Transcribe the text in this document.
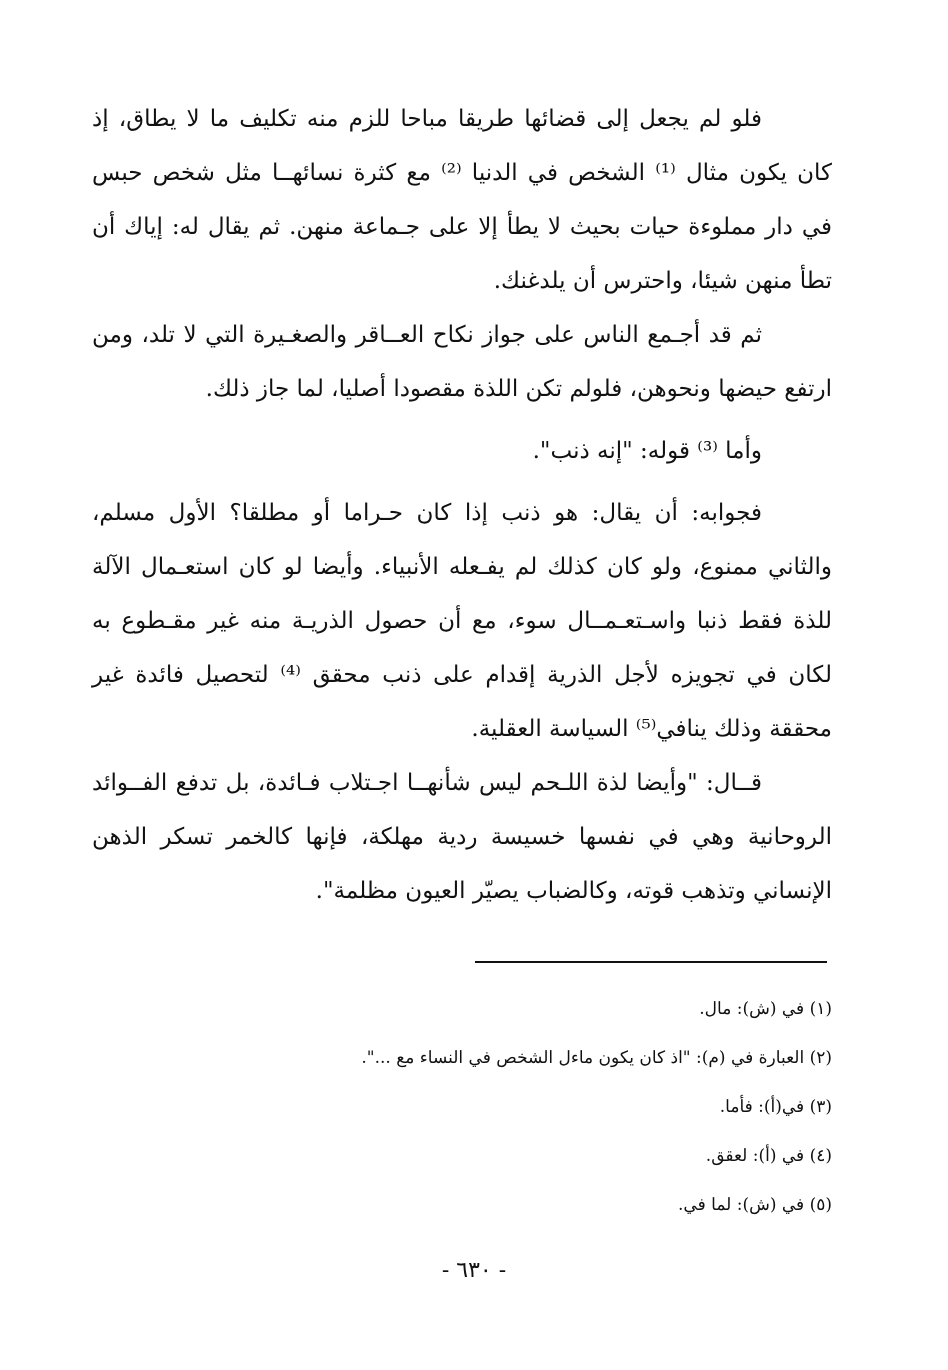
فلو لم يجعل إلى قضائها طريقا مباحا للزم منه تكليف ما لا يطاق، إذ كان يكون مثال ⁽¹⁾ الشخص في الدنيا ⁽²⁾ مع كثرة نسائهــا مثل شخص حبس في دار مملوءة حيات بحيث لا يطأ إلا على جـماعة منهن. ثم يقال له: إياك أن تطأ منهن شيئا، واحترس أن يلدغنك.

ثم قد أجـمع الناس على جواز نكاح العــاقر والصغـيرة التي لا تلد، ومن ارتفع حيضها ونحوهن، فلولم تكن اللذة مقصودا أصليا، لما جاز ذلك.

وأما ⁽³⁾ قوله: "إنه ذنب".

فجوابه: أن يقال: هو ذنب إذا كان حـراما أو مطلقا؟ الأول مسلم، والثاني ممنوع، ولو كان كذلك لم يفـعله الأنبياء. وأيضا لو كان استعـمال الآلة للذة فقط ذنبا واسـتعـمــال سوء، مع أن حصول الذريـة منه غير مقـطوع به لكان في تجويزه لأجل الذرية إقدام على ذنب محقق ⁽⁴⁾ لتحصيل فائدة غير محققة وذلك ينافي⁽⁵⁾ السياسة العقلية.

قــال: "وأيضا لذة اللـحم ليس شأنهــا اجـتلاب فـائدة، بل تدفع الفــوائد الروحانية وهي في نفسها خسيسة ردية مهلكة، فإنها كالخمر تسكر الذهن الإنساني وتذهب قوته، وكالضباب يصيّر العيون مظلمة".

(١) في (ش): مال.
(٢) العبارة في (م): "اذ كان يكون ماءل الشخص في النساء مع ...".
(٣) في(أ): فأما.
(٤) في (أ): لعقق.
(٥) في (ش): لما في.
- ٦٣٠ -
